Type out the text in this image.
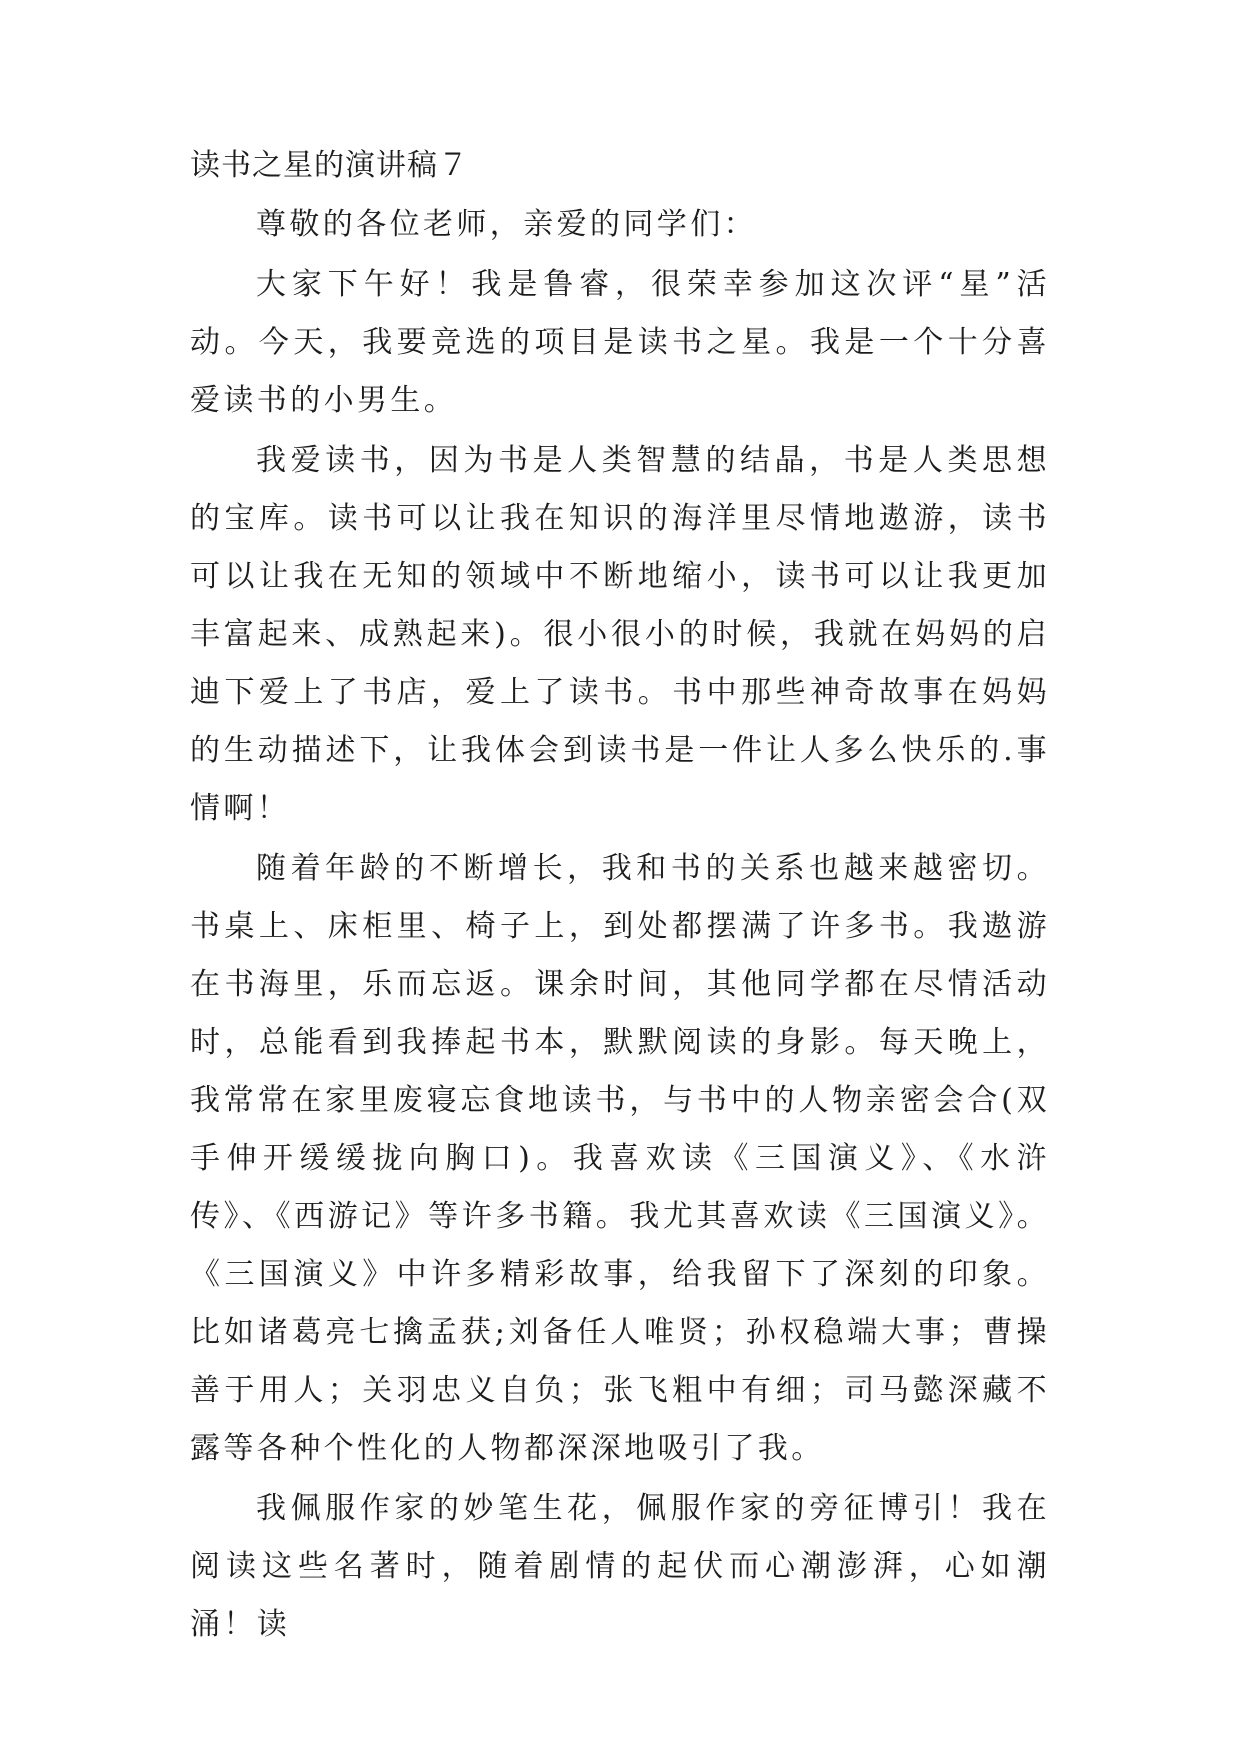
读书之星的演讲稿７

尊敬的各位老师，亲爱的同学们：

大家下午好！我是鲁睿，很荣幸参加这次评“星”活动。今天，我要竞选的项目是读书之星。我是一个十分喜爱读书的小男生。

我爱读书，因为书是人类智慧的结晶，书是人类思想的宝库。读书可以让我在知识的海洋里尽情地遨游，读书可以让我在无知的领域中不断地缩小，读书可以让我更加丰富起来、成熟起来)。很小很小的时候，我就在妈妈的启迪下爱上了书店，爱上了读书。书中那些神奇故事在妈妈的生动描述下，让我体会到读书是一件让人多么快乐的.事情啊！

随着年龄的不断增长，我和书的关系也越来越密切。书桌上、床柜里、椅子上，到处都摆满了许多书。我遨游在书海里，乐而忘返。课余时间，其他同学都在尽情活动时，总能看到我捧起书本，默默阅读的身影。每天晚上，我常常在家里废寝忘食地读书，与书中的人物亲密会合(双手伸开缓缓拢向胸口)。我喜欢读《三国演义》、《水浒传》、《西游记》等许多书籍。我尤其喜欢读《三国演义》。《三国演义》中许多精彩故事，给我留下了深刻的印象。比如诸葛亮七擒孟获;刘备任人唯贤；孙权稳端大事；曹操善于用人；关羽忠义自负；张飞粗中有细；司马懿深藏不露等各种个性化的人物都深深地吸引了我。

我佩服作家的妙笔生花，佩服作家的旁征博引！我在阅读这些名著时，随着剧情的起伏而心潮澎湃，心如潮涌！读
